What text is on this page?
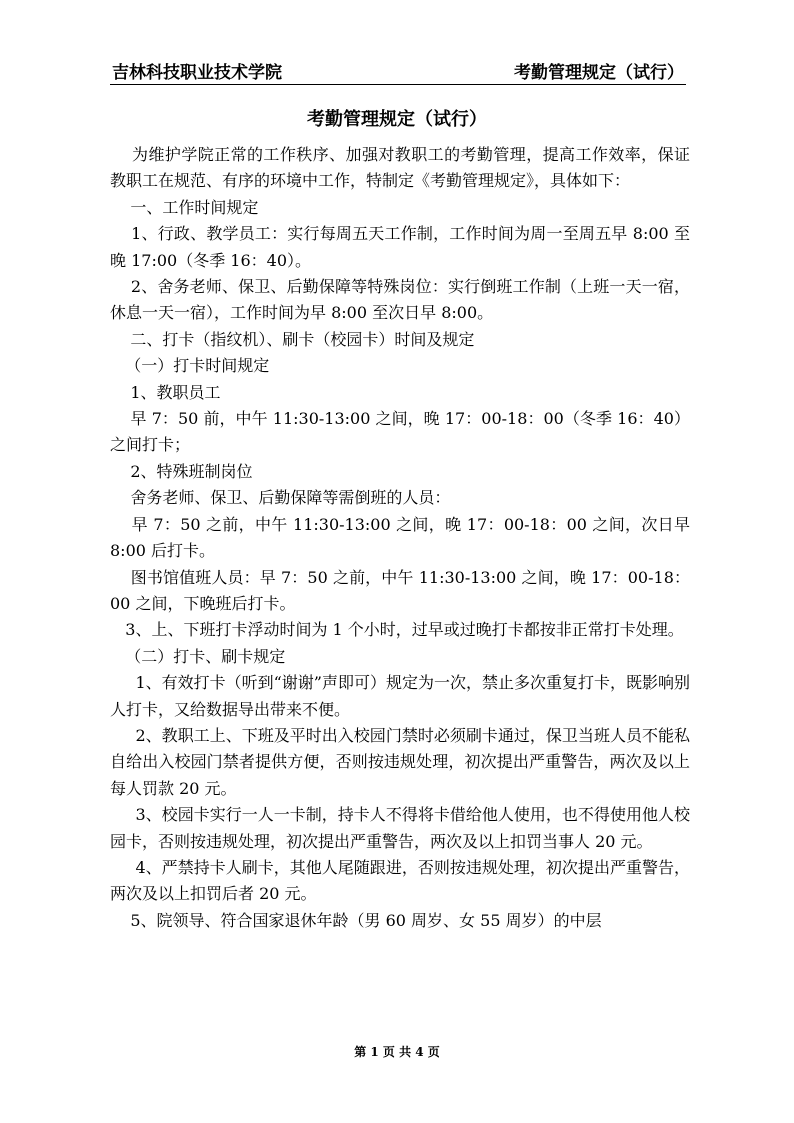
吉林科技职业技术学院	考勤管理规定（试行）
考勤管理规定（试行）

为维护学院正常的工作秩序、加强对教职工的考勤管理，提高工作效率，保证教职工在规范、有序的环境中工作，特制定《考勤管理规定》，具体如下：

一、工作时间规定

1、行政、教学员工：实行每周五天工作制，工作时间为周一至周五早 8:00 至晚 17:00（冬季 16：40）。

2、舍务老师、保卫、后勤保障等特殊岗位：实行倒班工作制（上班一天一宿，休息一天一宿），工作时间为早 8:00 至次日早 8:00。

二、打卡（指纹机）、刷卡（校园卡）时间及规定

（一）打卡时间规定

1、教职员工

早 7：50 前，中午 11:30-13:00 之间，晚 17：00-18：00（冬季 16：40）之间打卡；

2、特殊班制岗位

舍务老师、保卫、后勤保障等需倒班的人员：

早 7：50 之前，中午 11:30-13:00 之间，晚 17：00-18：00 之间，次日早 8:00 后打卡。

图书馆值班人员：早 7：50 之前，中午 11:30-13:00 之间，晚 17：00-18：00 之间，下晚班后打卡。

3、上、下班打卡浮动时间为 1 个小时，过早或过晚打卡都按非正常打卡处理。

（二）打卡、刷卡规定

1、有效打卡（听到“谢谢”声即可）规定为一次，禁止多次重复打卡，既影响别人打卡，又给数据导出带来不便。

2、教职工上、下班及平时出入校园门禁时必须刷卡通过，保卫当班人员不能私自给出入校园门禁者提供方便，否则按违规处理，初次提出严重警告，两次及以上每人罚款 20 元。

3、校园卡实行一人一卡制，持卡人不得将卡借给他人使用，也不得使用他人校园卡，否则按违规处理，初次提出严重警告，两次及以上扣罚当事人 20 元。

4、严禁持卡人刷卡，其他人尾随跟进，否则按违规处理，初次提出严重警告，两次及以上扣罚后者 20 元。

5、院领导、符合国家退休年龄（男 60 周岁、女 55 周岁）的中层

第 1 页 共 4 页
